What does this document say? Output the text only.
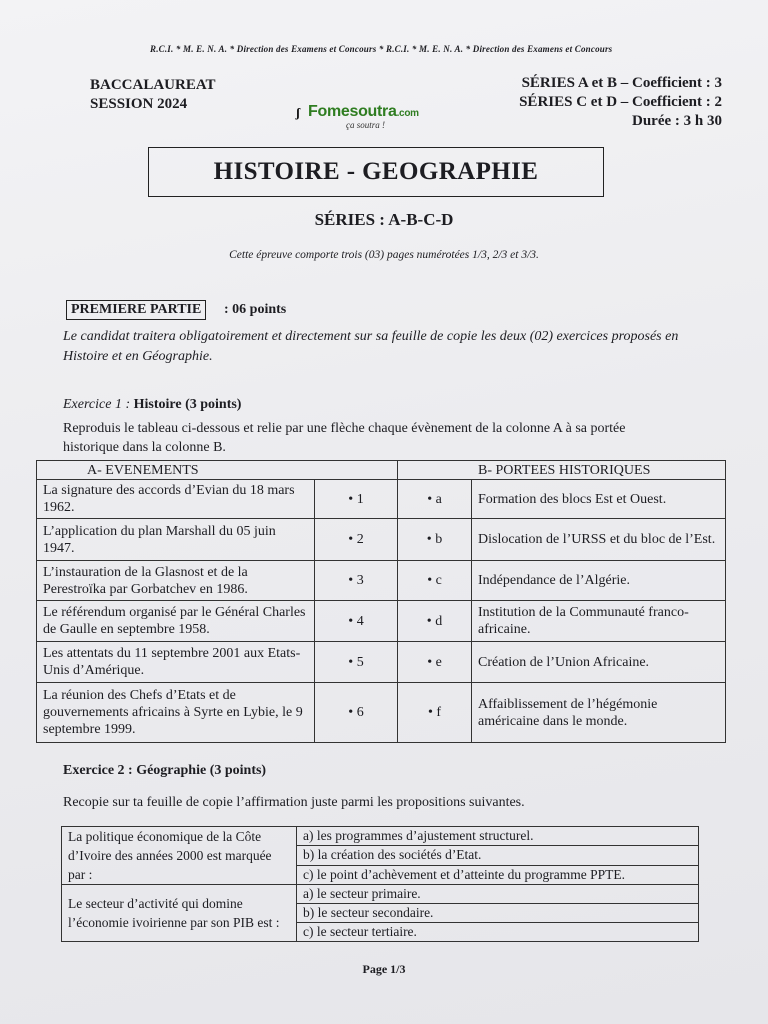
R.C.I. * M. E. N. A. * Direction des Examens et Concours * R.C.I. * M. E. N. A. * Direction des Examens et Concours
BACCALAUREAT
SESSION 2024
SÉRIES A et B – Coefficient : 3
SÉRIES C et D – Coefficient : 2
Durée : 3 h 30
ʃ Fomesoutra.com
ça soutra !
HISTOIRE - GEOGRAPHIE
SÉRIES : A-B-C-D
Cette épreuve comporte trois (03) pages numérotées 1/3, 2/3 et 3/3.
PREMIERE PARTIE	: 06 points
Le candidat traitera obligatoirement et directement sur sa feuille de copie les deux (02) exercices proposés en Histoire et en Géographie.
Exercice 1 : Histoire (3 points)
Reproduis le tableau ci-dessous et relie par une flèche chaque évènement de la colonne A à sa portée historique dans la colonne B.
A- EVENEMENTS		B- PORTEES HISTORIQUES	
La signature des accords d’Evian du 18 mars 1962.	• 1	• a	Formation des blocs Est et Ouest.
L’application du plan Marshall du 05 juin 1947.	• 2	• b	Dislocation de l’URSS et du bloc de l’Est.
L’instauration de la Glasnost et de la Perestroïka par Gorbatchev en 1986.	• 3	• c	Indépendance de l’Algérie.
Le référendum organisé par le Général Charles de Gaulle en septembre 1958.	• 4	• d	Institution de la Communauté franco-africaine.
Les attentats du 11 septembre 2001 aux Etats-Unis d’Amérique.	• 5	• e	Création de l’Union Africaine.
La réunion des Chefs d’Etats et de gouvernements africains à Syrte en Lybie, le 9 septembre 1999.	• 6	• f	Affaiblissement de l’hégémonie américaine dans le monde.
Exercice 2 : Géographie (3 points)
Recopie sur ta feuille de copie l’affirmation juste parmi les propositions suivantes.
La politique économique de la Côte d’Ivoire des années 2000 est marquée par :	a) les programmes d’ajustement structurel.
	b) la création des sociétés d’Etat.
	c) le point d’achèvement et d’atteinte du programme PPTE.
Le secteur d’activité qui domine l’économie ivoirienne par son PIB est :	a) le secteur primaire.
	b) le secteur secondaire.
	c) le secteur tertiaire.
Page 1/3
